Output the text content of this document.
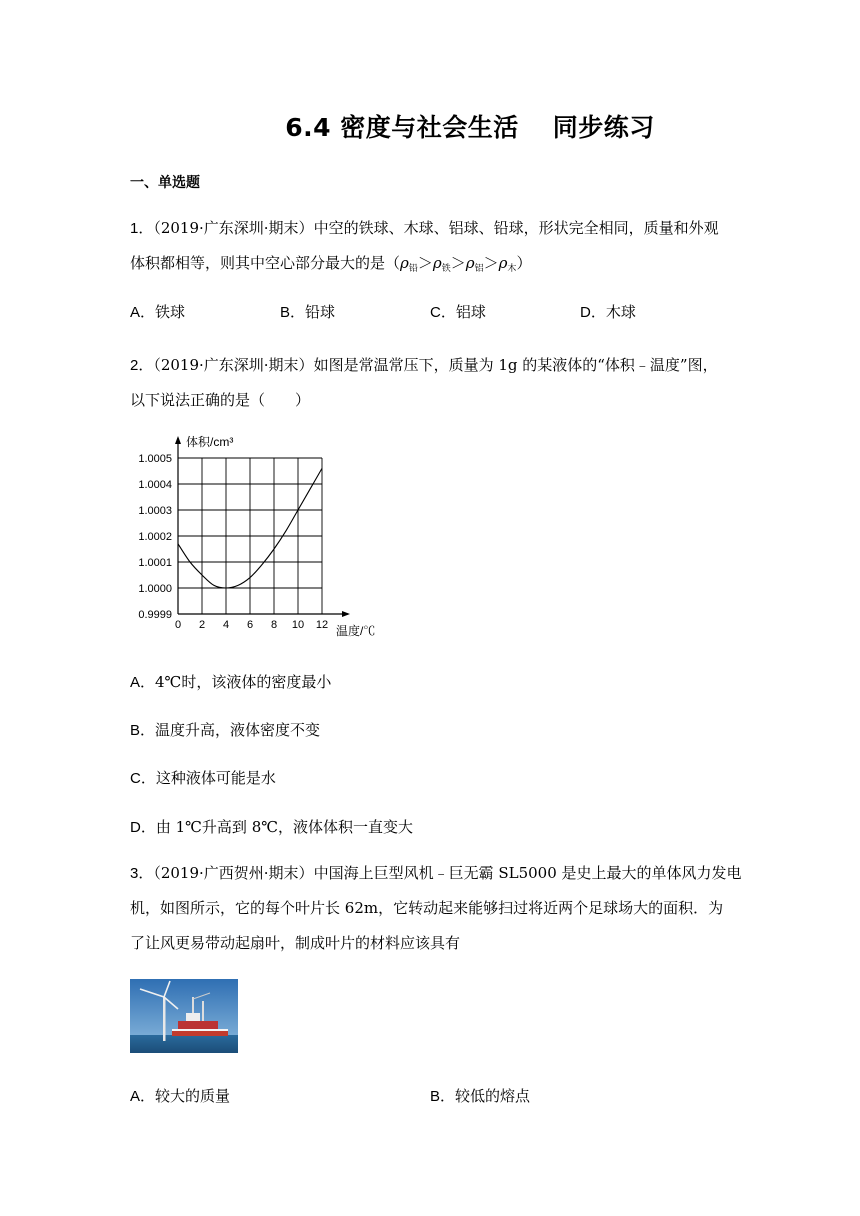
6.4 密度与社会生活 同步练习
一、单选题
1．（2019·广东深圳·期末）中空的铁球、木球、铝球、铅球，形状完全相同，质量和外观
体积都相等，则其中空心部分最大的是$(\rho_铅>\rho_铁>\rho_铝>\rho_木)$
A．铁球	B．铅球	C．铝球	D．木球
2．（2019·广东深圳·期末）如图是常温常压下，质量为 1g 的某液体的“体积﹣温度”图，
以下说法正确的是（　　）
0 2 4 6 8 10 12
0.9999
1.0000
1.0001
1.0002
1.0003
1.0004
1.0005
体积/cm³
温度/℃
A．4℃时，该液体的密度最小
B．温度升高，液体密度不变
C．这种液体可能是水
D．由 1℃升高到 8℃，液体体积一直变大
3．（2019·广西贺州·期末）中国海上巨型风机﹣巨无霸 SL5000 是史上最大的单体风力发电
机，如图所示，它的每个叶片长 62m，它转动起来能够扫过将近两个足球场大的面积．为
了让风更易带动起扇叶，制成叶片的材料应该具有
A．较大的质量	B．较低的熔点
